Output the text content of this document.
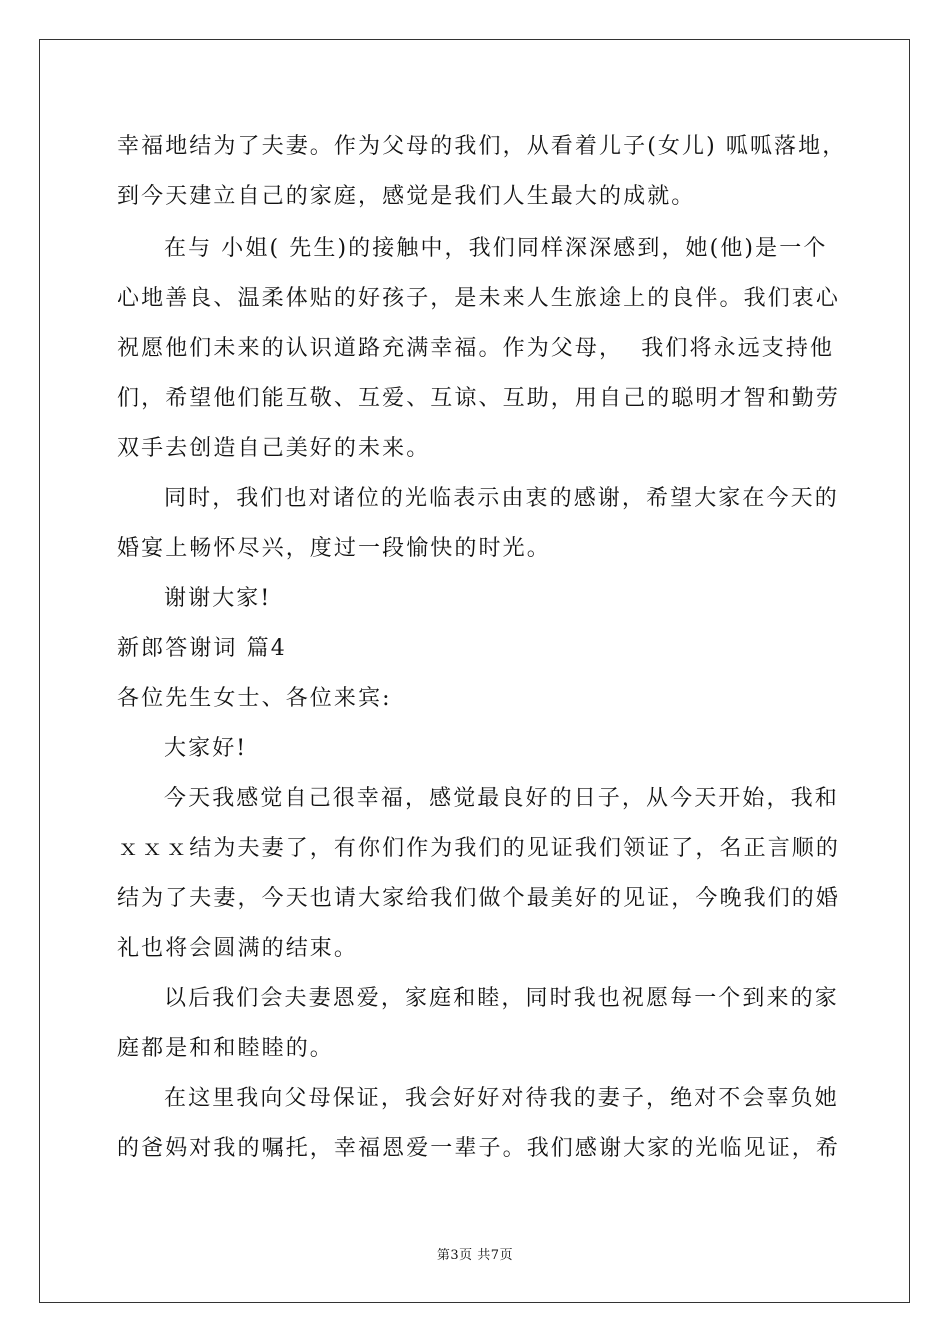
幸福地结为了夫妻。作为父母的我们，从看着儿子(女儿) 呱呱落地，
到今天建立自己的家庭，感觉是我们人生最大的成就。
在与 小姐( 先生)的接触中，我们同样深深感到，她(他)是一个
心地善良、温柔体贴的好孩子，是未来人生旅途上的良伴。我们衷心
祝愿他们未来的认识道路充满幸福。作为父母，  我们将永远支持他
们，希望他们能互敬、互爱、互谅、互助，用自己的聪明才智和勤劳
双手去创造自己美好的未来。
同时，我们也对诸位的光临表示由衷的感谢，希望大家在今天的
婚宴上畅怀尽兴，度过一段愉快的时光。
谢谢大家!
新郎答谢词 篇4
各位先生女士、各位来宾:
大家好!
今天我感觉自己很幸福，感觉最良好的日子，从今天开始，我和
ｘｘｘ结为夫妻了，有你们作为我们的见证我们领证了，名正言顺的
结为了夫妻，今天也请大家给我们做个最美好的见证，今晚我们的婚
礼也将会圆满的结束。
以后我们会夫妻恩爱，家庭和睦，同时我也祝愿每一个到来的家
庭都是和和睦睦的。
在这里我向父母保证，我会好好对待我的妻子，绝对不会辜负她
的爸妈对我的嘱托，幸福恩爱一辈子。我们感谢大家的光临见证，希
第3页 共7页
